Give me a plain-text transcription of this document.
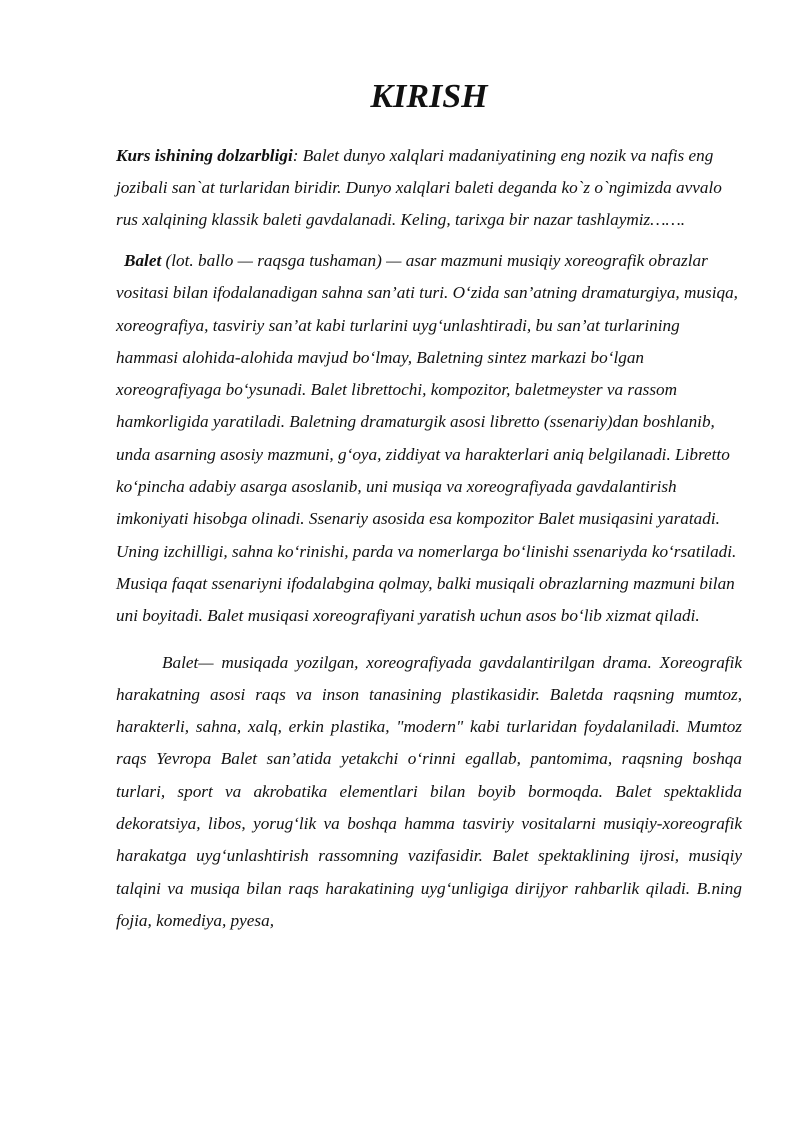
KIRISH

Kurs ishining dolzarbligi: Balet dunyo xalqlari madaniyatining eng nozik va nafis eng jozibali san`at turlaridan biridir. Dunyo xalqlari baleti deganda ko`z o`ngimizda avvalo rus xalqining klassik baleti gavdalanadi. Keling, tarixga bir nazar tashlaymiz…….

Balet (lot. ballo — raqsga tushaman) — asar mazmuni musiqiy xoreografik obrazlar vositasi bilan ifodalanadigan sahna san’ati turi. O‘zida san’atning dramaturgiya, musiqa, xoreografiya, tasviriy san’at kabi turlarini uyg‘unlashtiradi, bu san’at turlarining hammasi alohida-alohida mavjud bo‘lmay, Baletning sintez markazi bo‘lgan xoreografiyaga bo‘ysunadi. Balet librettochi, kompozitor, baletmeyster va rassom hamkorligida yaratiladi. Baletning dramaturgik asosi libretto (ssenariy)dan boshlanib, unda asarning asosiy mazmuni, g‘oya, ziddiyat va harakterlari aniq belgilanadi. Libretto ko‘pincha adabiy asarga asoslanib, uni musiqa va xoreografiyada gavdalantirish imkoniyati hisobga olinadi. Ssenariy asosida esa kompozitor Balet musiqasini yaratadi. Uning izchilligi, sahna ko‘rinishi, parda va nomerlarga bo‘linishi ssenariyda ko‘rsatiladi. Musiqa faqat ssenariyni ifodalabgina qolmay, balki musiqali obrazlarning mazmuni bilan uni boyitadi. Balet musiqasi xoreografiyani yaratish uchun asos bo‘lib xizmat qiladi.

Balet— musiqada yozilgan, xoreografiyada gavdalantirilgan drama. Xoreografik harakatning asosi raqs va inson tanasining plastikasidir. Baletda raqsning mumtoz, harakterli, sahna, xalq, erkin plastika, "modern" kabi turlaridan foydalaniladi. Mumtoz raqs Yevropa Balet san’atida yetakchi o‘rinni egallab, pantomima, raqsning boshqa turlari, sport va akrobatika elementlari bilan boyib bormoqda. Balet spektaklida dekoratsiya, libos, yorug‘lik va boshqa hamma tasviriy vositalarni musiqiy-xoreografik harakatga uyg‘unlashtirish rassomning vazifasidir. Balet spektaklining ijrosi, musiqiy talqini va musiqa bilan raqs harakatining uyg‘unligiga dirijyor rahbarlik qiladi. B.ning fojia, komediya, pyesa,
